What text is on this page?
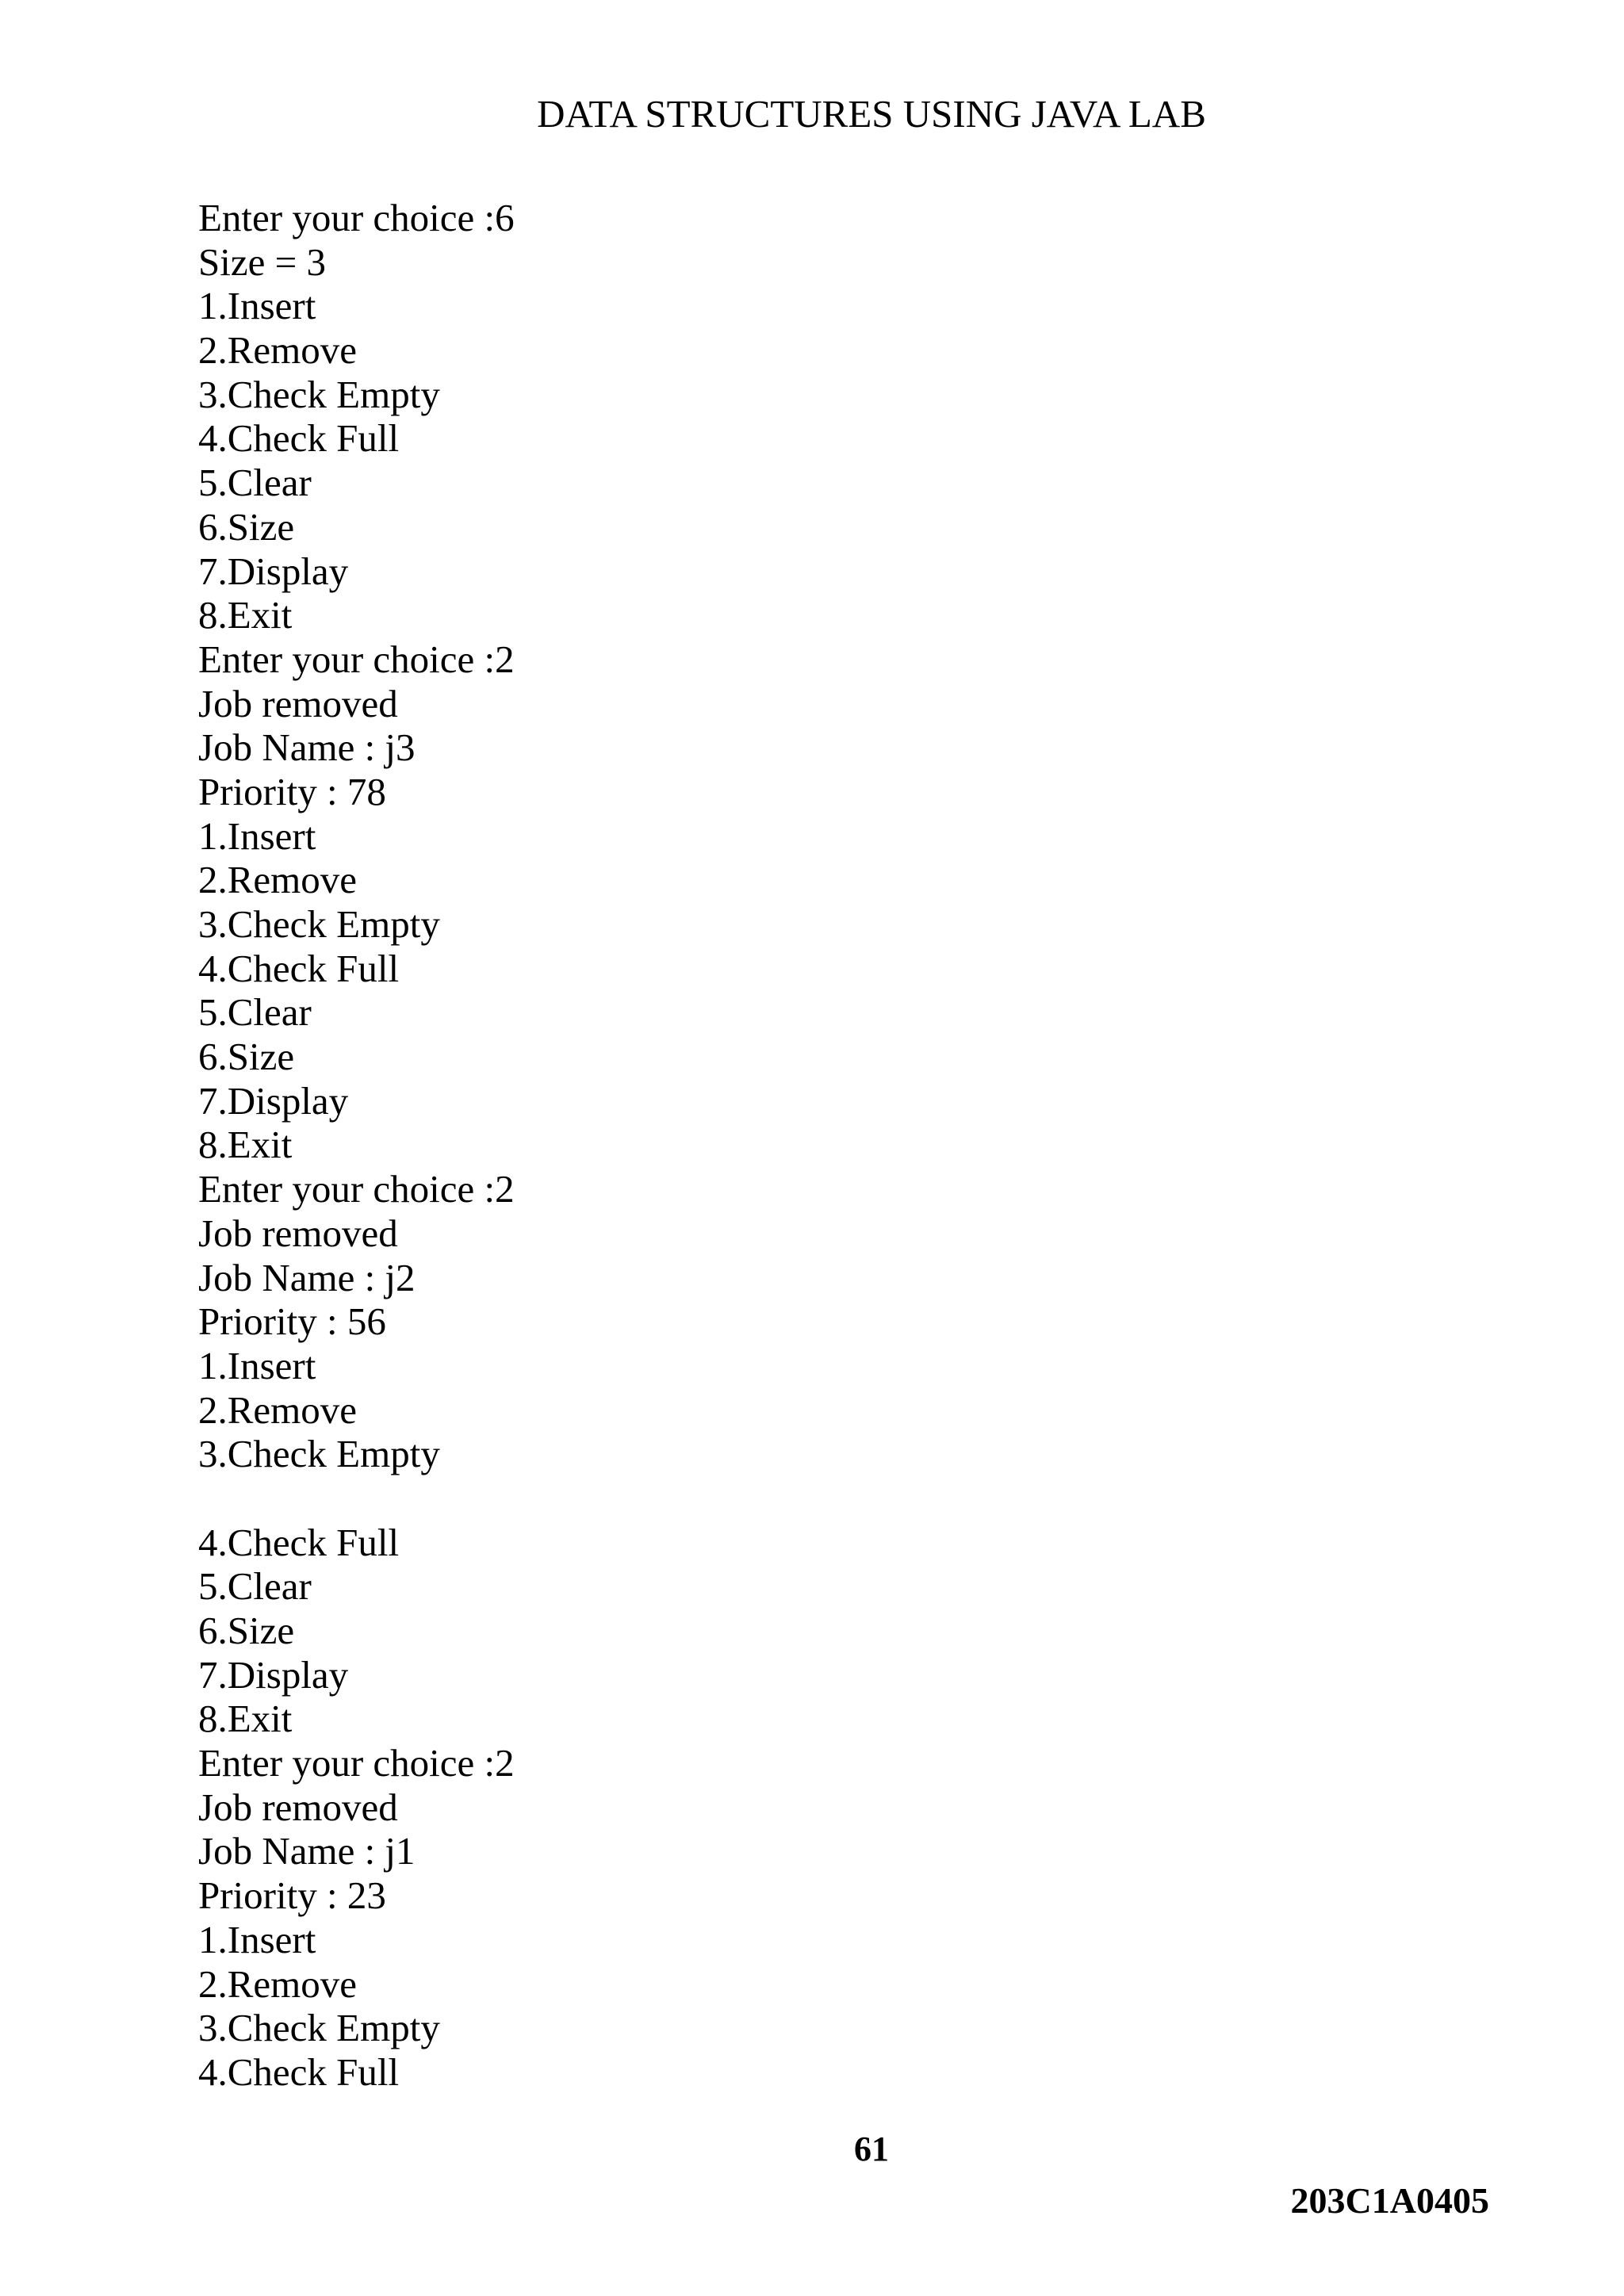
DATA STRUCTURES USING JAVA LAB
Enter your choice :6
Size = 3
1.Insert
2.Remove
3.Check Empty
4.Check Full
5.Clear
6.Size
7.Display
8.Exit
Enter your choice :2
Job removed
Job Name : j3
Priority : 78
1.Insert
2.Remove
3.Check Empty
4.Check Full
5.Clear
6.Size
7.Display
8.Exit
Enter your choice :2
Job removed
Job Name : j2
Priority : 56
1.Insert
2.Remove
3.Check Empty
4.Check Full
5.Clear
6.Size
7.Display
8.Exit
Enter your choice :2
Job removed
Job Name : j1
Priority : 23
1.Insert
2.Remove
3.Check Empty
4.Check Full
61
203C1A0405
